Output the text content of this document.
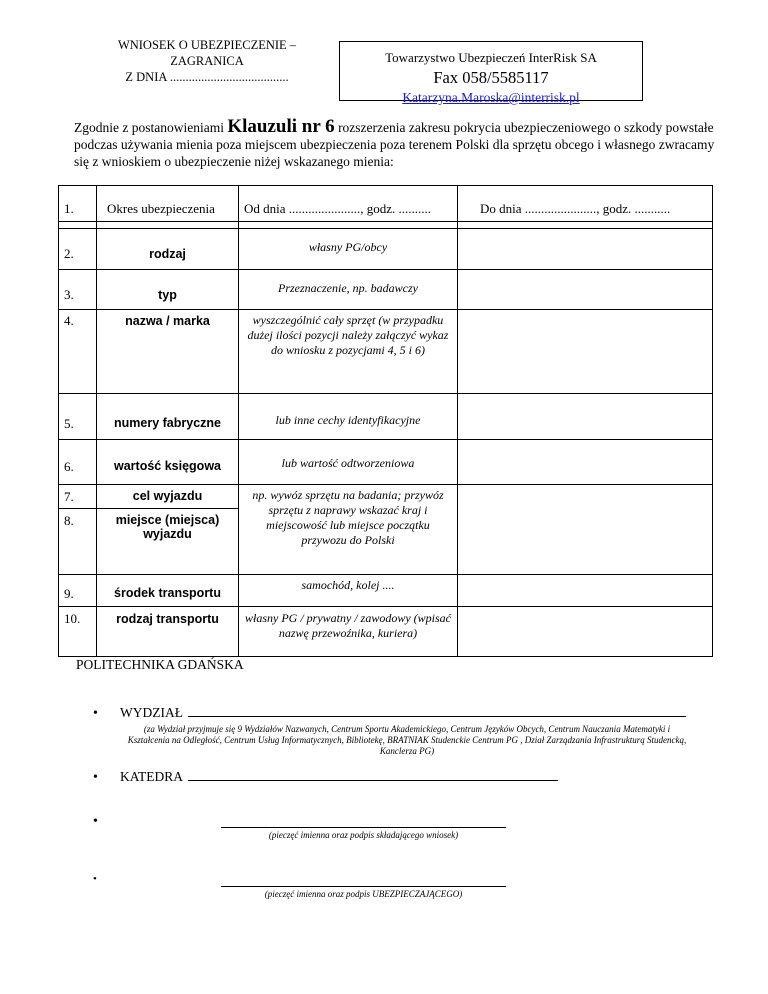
WNIOSEK O UBEZPIECZENIE –
ZAGRANICA
Z DNIA ......................................
Towarzystwo Ubezpieczeń InterRisk SA
Fax 058/5585117
Katarzyna.Maroska@interrisk.pl
Zgodnie z postanowieniami Klauzuli nr 6 rozszerzenia zakresu pokrycia ubezpieczeniowego o szkody powstałe podczas używania mienia poza miejscem ubezpieczenia poza terenem Polski dla sprzętu obcego i własnego zwracamy się z wnioskiem o ubezpieczenie niżej wskazanego mienia:
1.	Okres ubezpieczenia	Od dnia ......................, godz. ..........	Do dnia ......................, godz. ...........

2.	rodzaj	własny PG/obcy	
3.	typ	Przeznaczenie, np. badawczy	
4.	nazwa / marka	wyszczególnić cały sprzęt (w przypadku dużej ilości pozycji należy załączyć wykaz do wniosku z pozycjami 4, 5 i 6)	
5.	numery fabryczne	lub inne cechy identyfikacyjne	
6.	wartość księgowa	lub wartość odtworzeniowa	
7.	cel wyjazdu	np. wywóz sprzętu na badania; przywóz sprzętu z naprawy wskazać kraj i miejscowość lub miejsce początku przywozu do Polski	
8.	miejsce (miejsca) wyjazdu		
9.	środek transportu	samochód, kolej ....	
10.	rodzaj transportu	własny PG / prywatny / zawodowy (wpisać nazwę przewoźnika, kuriera)	
POLITECHNIKA GDAŃSKA
• WYDZIAŁ
(za Wydział przyjmuje się 9 Wydziałów Nazwanych, Centrum Sportu Akademickiego, Centrum Języków Obcych, Centrum Nauczania Matematyki i Kształcenia na Odległość, Centrum Usług Informatycznych, Bibliotekę, BRATNIAK Studenckie Centrum PG , Dział Zarządzania Infrastrukturą Studencką, Kanclerza PG)
• KATEDRA
•
(pieczęć imienna oraz podpis składającego wniosek)
•
(pieczęć imienna oraz podpis UBEZPIECZAJĄCEGO)
